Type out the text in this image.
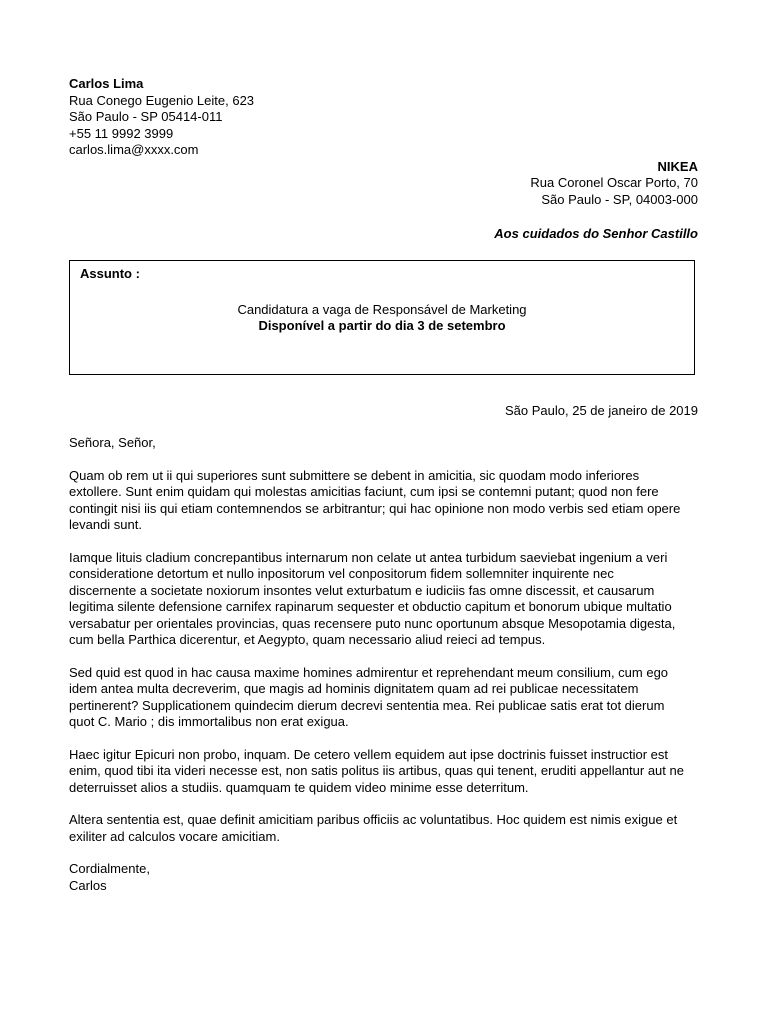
Carlos Lima
Rua Conego Eugenio Leite, 623
São Paulo - SP 05414-011
+55 11 9992 3999
carlos.lima@xxxx.com
NIKEA
Rua Coronel Oscar Porto, 70
São Paulo - SP, 04003-000
Aos cuidados do Senhor Castillo
Assunto :
Candidatura a vaga de Responsável de Marketing
Disponível a partir do dia 3 de setembro
São Paulo, 25 de janeiro de 2019
Señora, Señor,
Quam ob rem ut ii qui superiores sunt submittere se debent in amicitia, sic quodam modo inferiores
extollere. Sunt enim quidam qui molestas amicitias faciunt, cum ipsi se contemni putant; quod non fere
contingit nisi iis qui etiam contemnendos se arbitrantur; qui hac opinione non modo verbis sed etiam opere
levandi sunt.
Iamque lituis cladium concrepantibus internarum non celate ut antea turbidum saeviebat ingenium a veri
consideratione detortum et nullo inpositorum vel conpositorum fidem sollemniter inquirente nec
discernente a societate noxiorum insontes velut exturbatum e iudiciis fas omne discessit, et causarum
legitima silente defensione carnifex rapinarum sequester et obductio capitum et bonorum ubique multatio
versabatur per orientales provincias, quas recensere puto nunc oportunum absque Mesopotamia digesta,
cum bella Parthica dicerentur, et Aegypto, quam necessario aliud reieci ad tempus.
Sed quid est quod in hac causa maxime homines admirentur et reprehendant meum consilium, cum ego
idem antea multa decreverim, que magis ad hominis dignitatem quam ad rei publicae necessitatem
pertinerent? Supplicationem quindecim dierum decrevi sententia mea. Rei publicae satis erat tot dierum
quot C. Mario ; dis immortalibus non erat exigua.
Haec igitur Epicuri non probo, inquam. De cetero vellem equidem aut ipse doctrinis fuisset instructior est
enim, quod tibi ita videri necesse est, non satis politus iis artibus, quas qui tenent, eruditi appellantur aut ne
deterruisset alios a studiis. quamquam te quidem video minime esse deterritum.
Altera sententia est, quae definit amicitiam paribus officiis ac voluntatibus. Hoc quidem est nimis exigue et
exiliter ad calculos vocare amicitiam.
Cordialmente,
Carlos
